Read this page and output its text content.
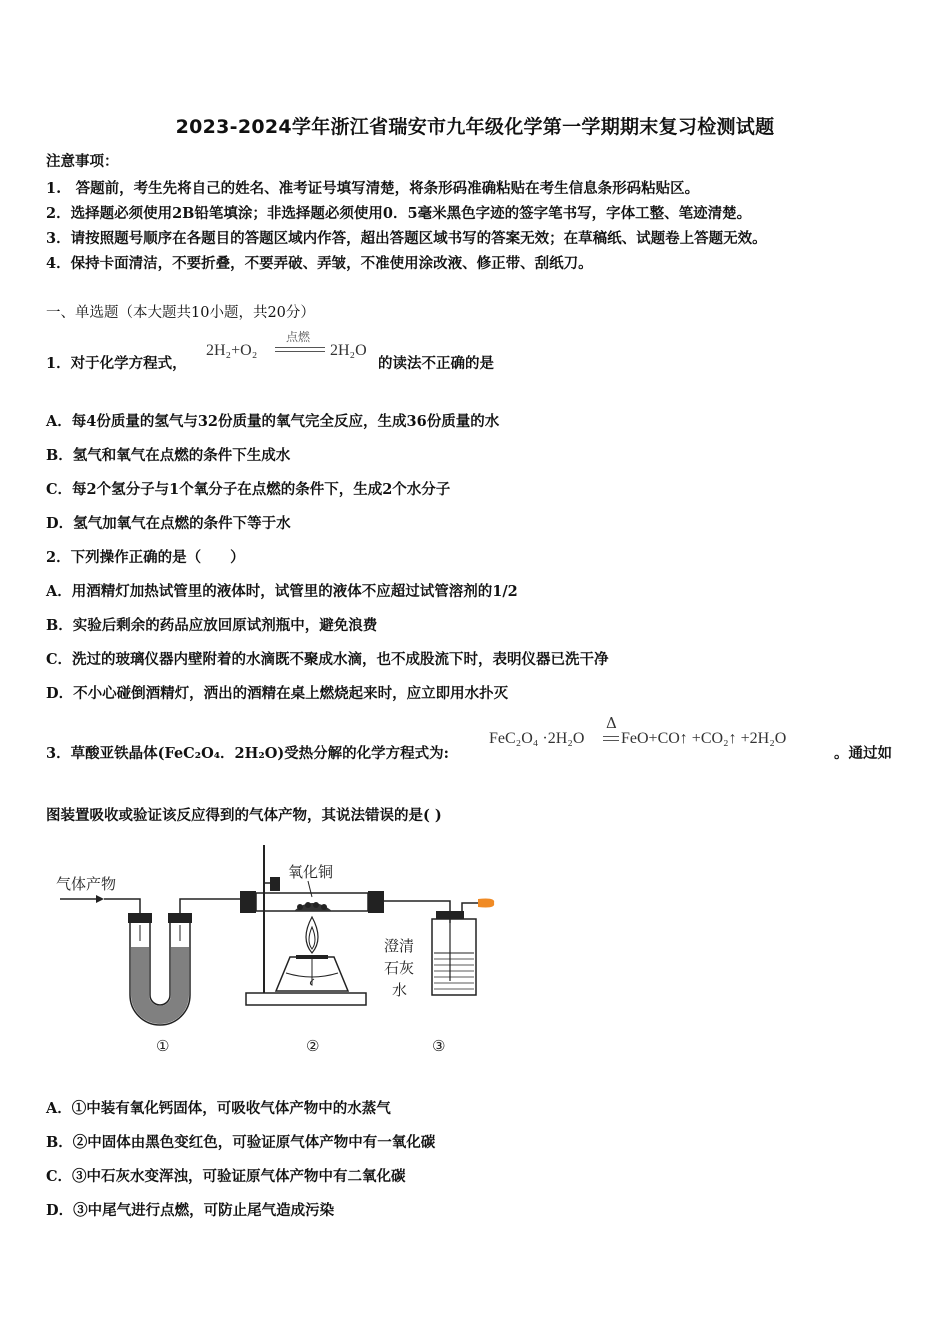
2023-2024学年浙江省瑞安市九年级化学第一学期期末复习检测试题
注意事项：
1.　答题前，考生先将自己的姓名、准考证号填写清楚，将条形码准确粘贴在考生信息条形码粘贴区。
2．选择题必须使用2B铅笔填涂；非选择题必须使用0．5毫米黑色字迹的签字笔书写，字体工整、笔迹清楚。
3．请按照题号顺序在各题目的答题区域内作答，超出答题区域书写的答案无效；在草稿纸、试题卷上答题无效。
4．保持卡面清洁，不要折叠，不要弄破、弄皱，不准使用涂改液、修正带、刮纸刀。
一、单选题（本大题共10小题，共20分）
1．对于化学方程式，
2H₂+O₂
点燃
2H₂O
的读法不正确的是
A．每4份质量的氢气与32份质量的氧气完全反应，生成36份质量的水
B．氢气和氧气在点燃的条件下生成水
C．每2个氢分子与1个氧分子在点燃的条件下，生成2个水分子
D．氢气加氧气在点燃的条件下等于水
2．下列操作正确的是（　　）
A．用酒精灯加热试管里的液体时，试管里的液体不应超过试管溶剂的1/2
B．实验后剩余的药品应放回原试剂瓶中，避免浪费
C．洗过的玻璃仪器内壁附着的水滴既不聚成水滴，也不成股流下时，表明仪器已洗干净
D．不小心碰倒酒精灯，洒出的酒精在桌上燃烧起来时，应立即用水扑灭
3．草酸亚铁晶体(FeC₂O₄．2H₂O)受热分解的化学方程式为:
FeC₂O₄ ·2H₂O
Δ
FeO+CO↑ +CO₂↑ +2H₂O
。通过如
图装置吸收或验证该反应得到的气体产物，其说法错误的是( )
气体产物
氧化铜
澄清
石灰
水
①	②	③
A．①中装有氧化钙固体，可吸收气体产物中的水蒸气
B．②中固体由黑色变红色，可验证原气体产物中有一氧化碳
C．③中石灰水变浑浊，可验证原气体产物中有二氧化碳
D．③中尾气进行点燃，可防止尾气造成污染
